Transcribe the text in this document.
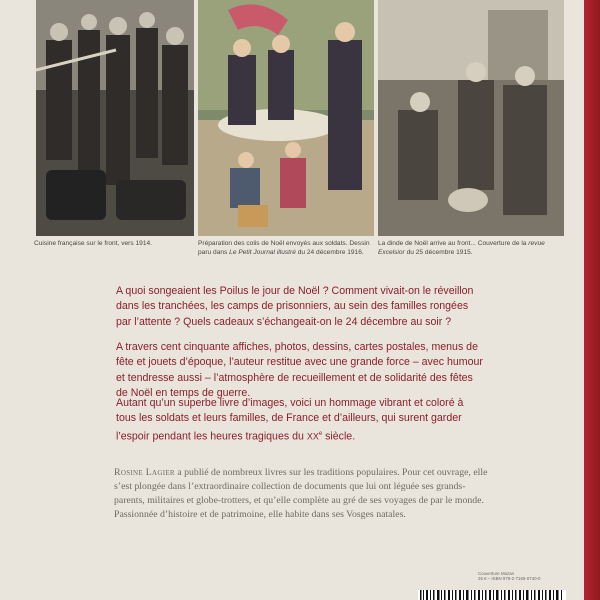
Cuisine française sur le front, vers 1914.	Préparation des colis de Noël envoyés aux soldats. Dessin paru dans Le Petit Journal illustré du 24 décembre 1916.
La dinde de Noël arrive au front... Couverture de la revue Excelsior du 25 décembre 1915.

A quoi songeaient les Poilus le jour de Noël ? Comment vivait-on le réveillon dans les tranchées, les camps de prisonniers, au sein des familles rongées par l’attente ? Quels cadeaux s’échangeait-on le 24 décembre au soir ?

A travers cent cinquante affiches, photos, dessins, cartes postales, menus de fête et jouets d’époque, l’auteur restitue avec une grande force – avec humour et tendresse aussi – l’atmosphère de recueillement et de solidarité des fêtes de Noël en temps de guerre.

Autant qu’un superbe livre d’images, voici un hommage vibrant et coloré à tous les soldats et leurs familles, de France et d’ailleurs, qui surent garder l’espoir pendant les heures tragiques du XXe siècle.

Rosine Lagier a publié de nombreux livres sur les traditions populaires. Pour cet ouvrage, elle s’est plongée dans l’extraordinaire collection de documents que lui ont léguée ses grands-parents, militaires et globe-trotters, et qu’elle complète au gré de ses voyages de par le monde. Passionnée d’histoire et de patrimoine, elle habite dans ses Vosges natales.

Couverture Mazan
25 € – ISBN 978-2-7165-0740-0
